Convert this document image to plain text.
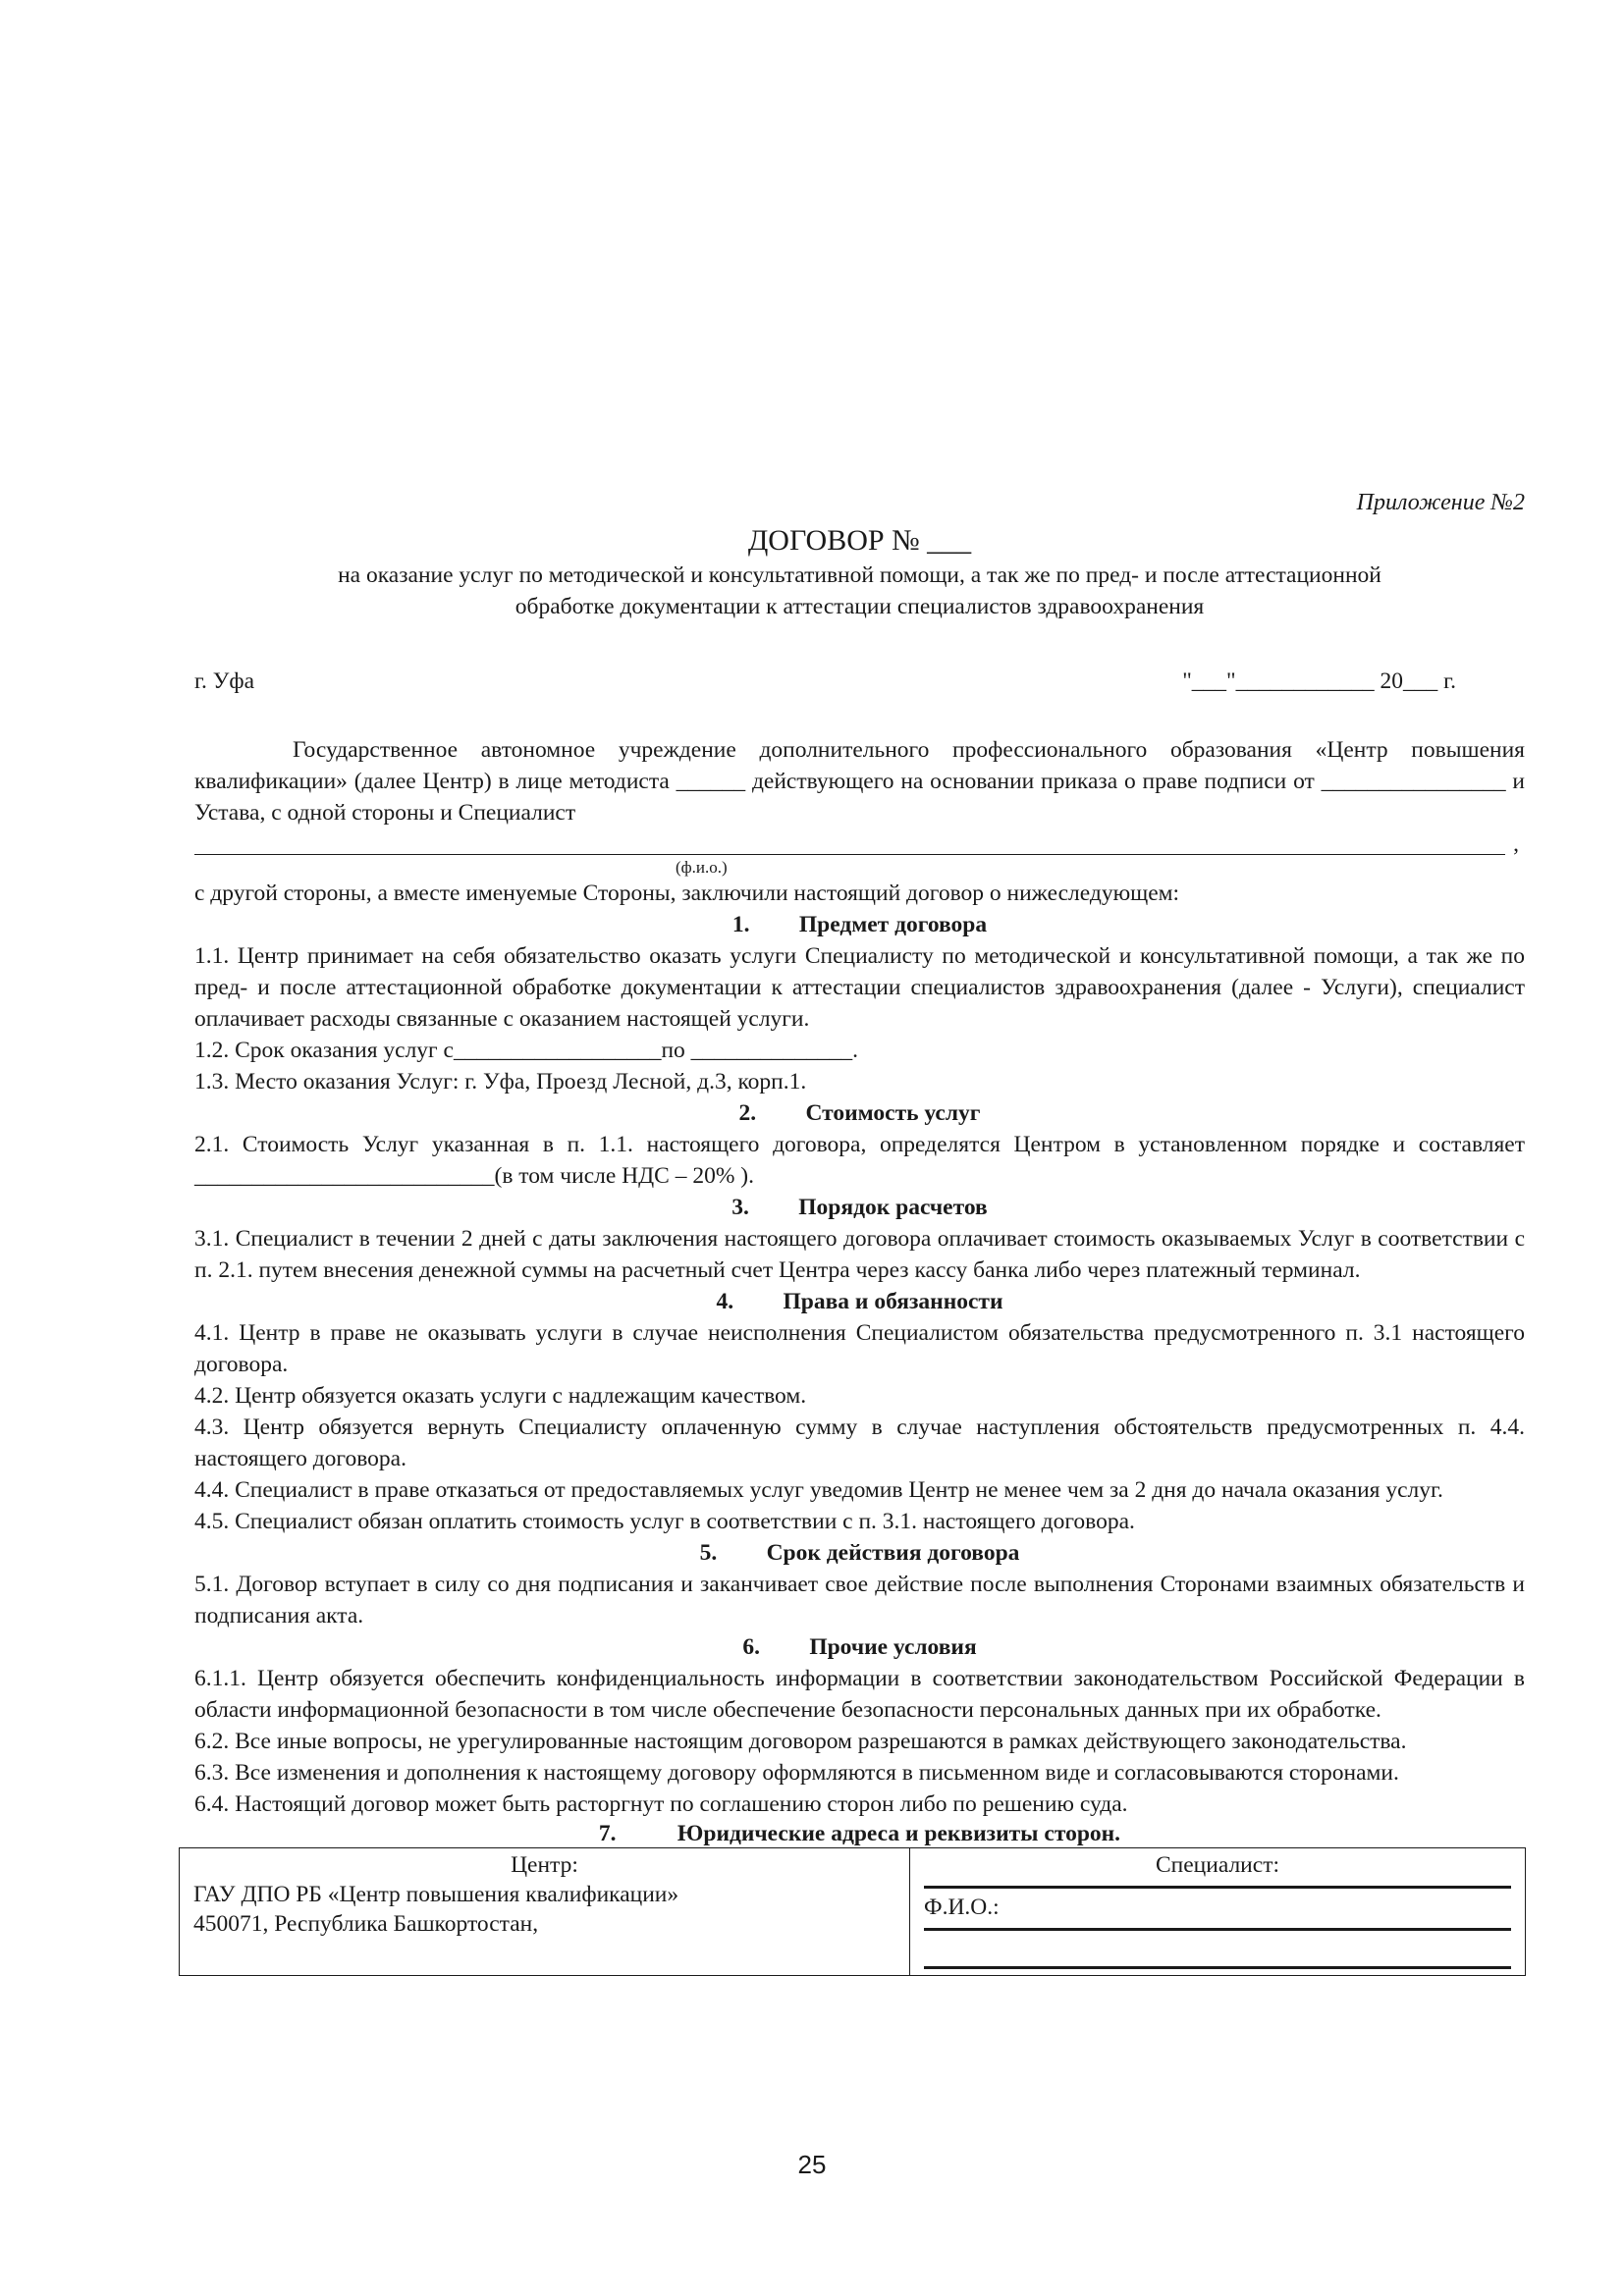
Приложение №2
ДОГОВОР № ___
на оказание услуг по методической и консультативной помощи, а так же по пред- и после аттестационной
обработке документации к аттестации специалистов здравоохранения
г. Уфа	"___"____________ 20___ г.
Государственное автономное учреждение дополнительного профессионального образования «Центр повышения квалификации» (далее Центр) в лице методиста ______ действующего на основании приказа о праве подписи от ________________ и Устава, с одной стороны и Специалист
,
(ф.и.о.)
с другой стороны, а вместе именуемые Стороны, заключили настоящий договор о нижеследующем:
1. Предмет договора
1.1. Центр принимает на себя обязательство оказать услуги Специалисту по методической и консультативной помощи, а так же по пред- и после аттестационной обработке документации к аттестации специалистов здравоохранения (далее - Услуги), специалист оплачивает расходы связанные с оказанием настоящей услуги.
1.2. Срок оказания услуг с__________________по ______________.
1.3. Место оказания Услуг: г. Уфа, Проезд Лесной, д.3, корп.1.
2. Стоимость услуг
2.1. Стоимость Услуг указанная в п. 1.1. настоящего договора, определятся Центром в установленном порядке и составляет __________________________(в том числе НДС – 20% ).
3. Порядок расчетов
3.1. Специалист в течении 2 дней с даты заключения настоящего договора оплачивает стоимость оказываемых Услуг в соответствии с п. 2.1. путем внесения денежной суммы на расчетный счет Центра через кассу банка либо через платежный терминал.
4. Права и обязанности
4.1. Центр в праве не оказывать услуги в случае неисполнения Специалистом обязательства предусмотренного п. 3.1 настоящего договора.
4.2. Центр обязуется оказать услуги с надлежащим качеством.
4.3. Центр обязуется вернуть Специалисту оплаченную сумму в случае наступления обстоятельств предусмотренных п. 4.4. настоящего договора.
4.4. Специалист в праве отказаться от предоставляемых услуг уведомив Центр не менее чем за 2 дня до начала оказания услуг.
4.5. Специалист обязан оплатить стоимость услуг в соответствии с п. 3.1. настоящего договора.
5. Срок действия договора
5.1. Договор вступает в силу со дня подписания и заканчивает свое действие после выполнения Сторонами взаимных обязательств и подписания акта.
6. Прочие условия
6.1.1. Центр обязуется обеспечить конфиденциальность информации в соответствии законодательством Российской Федерации в области информационной безопасности в том числе обеспечение безопасности персональных данных при их обработке.
6.2. Все иные вопросы, не урегулированные настоящим договором разрешаются в рамках действующего законодательства.
6.3. Все изменения и дополнения к настоящему договору оформляются в письменном виде и согласовываются сторонами.
6.4. Настоящий договор может быть расторгнут по соглашению сторон либо по решению суда.
7.	Юридические адреса и реквизиты сторон.
Центр:
ГАУ ДПО РБ «Центр повышения квалификации»
450071, Республика Башкортостан,

Специалист:
Ф.И.О.:
25
